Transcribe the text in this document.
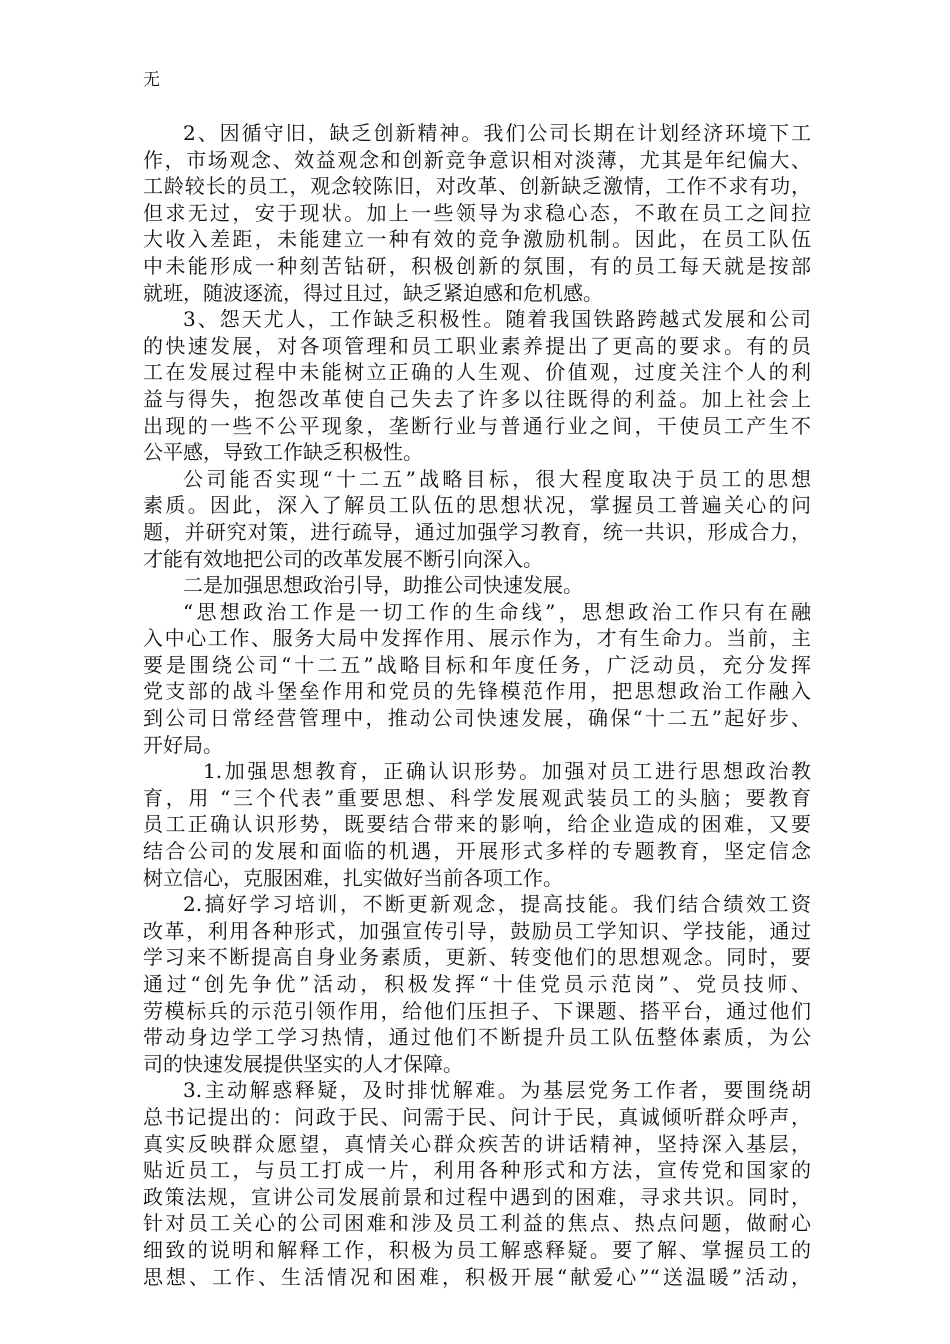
无
2、因循守旧，缺乏创新精神。我们公司长期在计划经济环境下工
作，市场观念、效益观念和创新竞争意识相对淡薄，尤其是年纪偏大、
工龄较长的员工，观念较陈旧，对改革、创新缺乏激情，工作不求有功，
但求无过，安于现状。加上一些领导为求稳心态，不敢在员工之间拉
大收入差距，未能建立一种有效的竞争激励机制。因此，在员工队伍
中未能形成一种刻苦钻研，积极创新的氛围，有的员工每天就是按部
就班，随波逐流，得过且过，缺乏紧迫感和危机感。
3、怨天尤人，工作缺乏积极性。随着我国铁路跨越式发展和公司
的快速发展，对各项管理和员工职业素养提出了更高的要求。有的员
工在发展过程中未能树立正确的人生观、价值观，过度关注个人的利
益与得失，抱怨改革使自己失去了许多以往既得的利益。加上社会上
出现的一些不公平现象，垄断行业与普通行业之间，干使员工产生不
公平感，导致工作缺乏积极性。
公司能否实现“十二五”战略目标，很大程度取决于员工的思想
素质。因此，深入了解员工队伍的思想状况，掌握员工普遍关心的问
题，并研究对策，进行疏导，通过加强学习教育，统一共识，形成合力，
才能有效地把公司的改革发展不断引向深入。
二是加强思想政治引导，助推公司快速发展。
“思想政治工作是一切工作的生命线”，思想政治工作只有在融
入中心工作、服务大局中发挥作用、展示作为，才有生命力。当前，主
要是围绕公司“十二五”战略目标和年度任务，广泛动员，充分发挥
党支部的战斗堡垒作用和党员的先锋模范作用，把思想政治工作融入
到公司日常经营管理中，推动公司快速发展，确保“十二五”起好步、
开好局。
1.加强思想教育，正确认识形势。加强对员工进行思想政治教
育，用 “三个代表”重要思想、科学发展观武装员工的头脑；要教育
员工正确认识形势，既要结合带来的影响，给企业造成的困难，又要
结合公司的发展和面临的机遇，开展形式多样的专题教育，坚定信念
树立信心，克服困难，扎实做好当前各项工作。
2.搞好学习培训，不断更新观念，提高技能。我们结合绩效工资
改革，利用各种形式，加强宣传引导，鼓励员工学知识、学技能，通过
学习来不断提高自身业务素质，更新、转变他们的思想观念。同时，要
通过“创先争优”活动，积极发挥“十佳党员示范岗”、党员技师、
劳模标兵的示范引领作用，给他们压担子、下课题、搭平台，通过他们
带动身边学工学习热情，通过他们不断提升员工队伍整体素质，为公
司的快速发展提供坚实的人才保障。
3.主动解惑释疑，及时排忧解难。为基层党务工作者，要围绕胡
总书记提出的：问政于民、问需于民、问计于民，真诚倾听群众呼声，
真实反映群众愿望，真情关心群众疾苦的讲话精神，坚持深入基层，
贴近员工，与员工打成一片，利用各种形式和方法，宣传党和国家的
政策法规，宣讲公司发展前景和过程中遇到的困难，寻求共识。同时，
针对员工关心的公司困难和涉及员工利益的焦点、热点问题，做耐心
细致的说明和解释工作，积极为员工解惑释疑。要了解、掌握员工的
思想、工作、生活情况和困难，积极开展“献爱心”“送温暖”活动，
